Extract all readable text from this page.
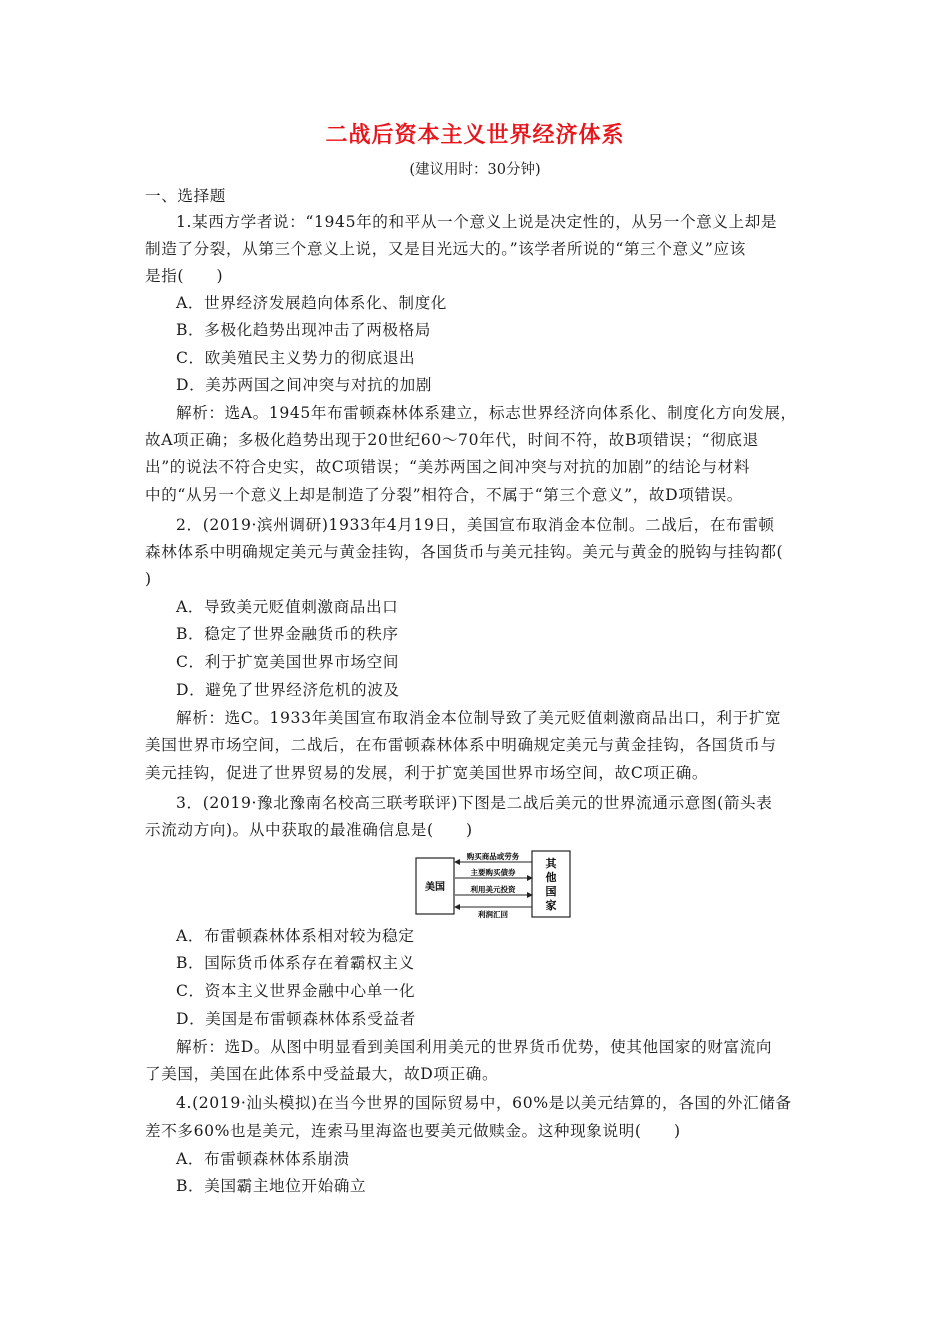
二战后资本主义世界经济体系
(建议用时：30分钟)
一、选择题
1.某西方学者说：“1945年的和平从一个意义上说是决定性的，从另一个意义上却是
制造了分裂，从第三个意义上说，又是目光远大的。”该学者所说的“第三个意义”应该
是指(　　)
A．世界经济发展趋向体系化、制度化
B．多极化趋势出现冲击了两极格局
C．欧美殖民主义势力的彻底退出
D．美苏两国之间冲突与对抗的加剧
解析：选A。1945年布雷顿森林体系建立，标志世界经济向体系化、制度化方向发展，
故A项正确；多极化趋势出现于20世纪60～70年代，时间不符，故B项错误；“彻底退
出”的说法不符合史实，故C项错误；“美苏两国之间冲突与对抗的加剧”的结论与材料
中的“从另一个意义上却是制造了分裂”相符合，不属于“第三个意义”，故D项错误。
2．(2019·滨州调研)1933年4月19日，美国宣布取消金本位制。二战后，在布雷顿
森林体系中明确规定美元与黄金挂钩，各国货币与美元挂钩。美元与黄金的脱钩与挂钩都(
)
A．导致美元贬值刺激商品出口
B．稳定了世界金融货币的秩序
C．利于扩宽美国世界市场空间
D．避免了世界经济危机的波及
解析：选C。1933年美国宣布取消金本位制导致了美元贬值刺激商品出口，利于扩宽
美国世界市场空间，二战后，在布雷顿森林体系中明确规定美元与黄金挂钩，各国货币与
美元挂钩，促进了世界贸易的发展，利于扩宽美国世界市场空间，故C项正确。
3．(2019·豫北豫南名校高三联考联评)下图是二战后美元的世界流通示意图(箭头表
示流动方向)。从中获取的最准确信息是(　　)
美国
其
他
国
家
购买商品或劳务
主要购买债券
利用美元投资
利润汇回
A．布雷顿森林体系相对较为稳定
B．国际货币体系存在着霸权主义
C．资本主义世界金融中心单一化
D．美国是布雷顿森林体系受益者
解析：选D。从图中明显看到美国利用美元的世界货币优势，使其他国家的财富流向
了美国，美国在此体系中受益最大，故D项正确。
4.(2019·汕头模拟)在当今世界的国际贸易中，60%是以美元结算的，各国的外汇储备
差不多60%也是美元，连索马里海盗也要美元做赎金。这种现象说明(　　)
A．布雷顿森林体系崩溃
B．美国霸主地位开始确立
